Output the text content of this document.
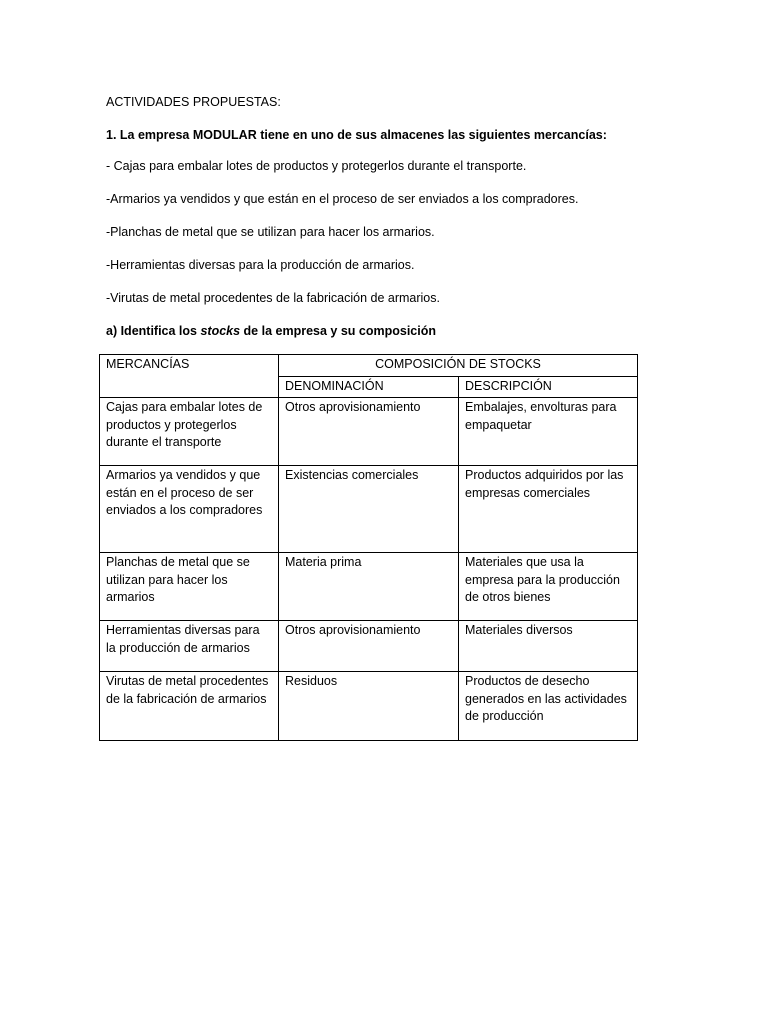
ACTIVIDADES PROPUESTAS:
1. La empresa MODULAR tiene en uno de sus almacenes las siguientes mercancías:
- Cajas para embalar lotes de productos y protegerlos durante el transporte.
-Armarios ya vendidos y que están en el proceso de ser enviados a los compradores.
-Planchas de metal que se utilizan para hacer los armarios.
-Herramientas diversas para la producción de armarios.
-Virutas de metal procedentes de la fabricación de armarios.
a) Identifica los stocks de la empresa y su composición
MERCANCÍAS	COMPOSICIÓN DE STOCKS	
	DENOMINACIÓN	DESCRIPCIÓN
Cajas para embalar lotes de productos y protegerlos durante el transporte	Otros aprovisionamiento	Embalajes, envolturas para empaquetar
Armarios ya vendidos y que están en el proceso de ser enviados a los compradores	Existencias comerciales	Productos adquiridos por las empresas comerciales
Planchas de metal que se utilizan para hacer los armarios	Materia prima	Materiales que usa la empresa para la producción de otros bienes
Herramientas diversas para la producción de armarios	Otros aprovisionamiento	Materiales diversos
Virutas de metal procedentes de la fabricación de armarios	Residuos	Productos de desecho generados en las actividades de producción
